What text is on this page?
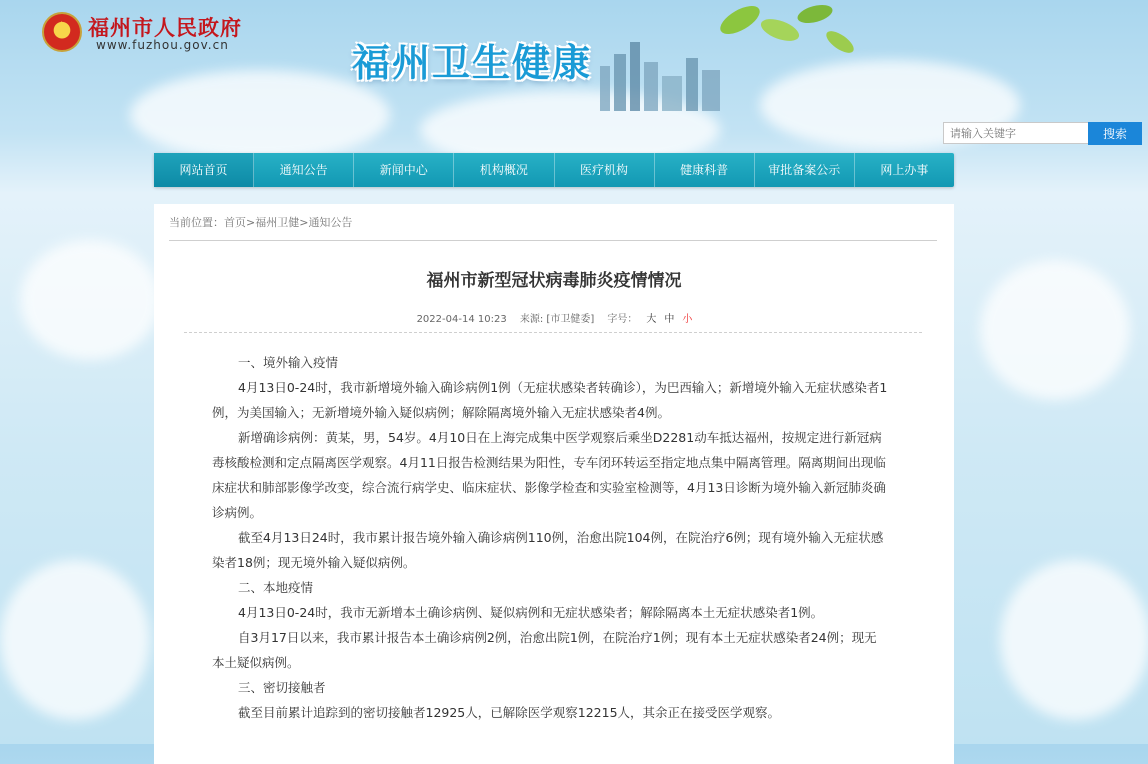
★ 福州市人民政府
www.fuzhou.gov.cn	福州卫生健康
请输入关键字
搜索
网站首页	通知公告	新闻中心	机构概况	医疗机构	健康科普	审批备案公示	网上办事
当前位置：首页>福州卫健>通知公告
福州市新型冠状病毒肺炎疫情情况
2022-04-14 10:23 来源: [市卫健委] 字号： 大 中 小

一、境外输入疫情

4月13日0-24时，我市新增境外输入确诊病例1例（无症状感染者转确诊），为巴西输入；新增境外输入无症状感染者1例，为美国输入；无新增境外输入疑似病例；解除隔离境外输入无症状感染者4例。

新增确诊病例：黄某，男，54岁。4月10日在上海完成集中医学观察后乘坐D2281动车抵达福州，按规定进行新冠病毒核酸检测和定点隔离医学观察。4月11日报告检测结果为阳性，专车闭环转运至指定地点集中隔离管理。隔离期间出现临床症状和肺部影像学改变，综合流行病学史、临床症状、影像学检查和实验室检测等，4月13日诊断为境外输入新冠肺炎确诊病例。

截至4月13日24时，我市累计报告境外输入确诊病例110例，治愈出院104例，在院治疗6例；现有境外输入无症状感染者18例；现无境外输入疑似病例。

二、本地疫情

4月13日0-24时，我市无新增本土确诊病例、疑似病例和无症状感染者；解除隔离本土无症状感染者1例。

自3月17日以来，我市累计报告本土确诊病例2例，治愈出院1例，在院治疗1例；现有本土无症状感染者24例；现无本土疑似病例。

三、密切接触者

截至目前累计追踪到的密切接触者12925人，已解除医学观察12215人，其余正在接受医学观察。
